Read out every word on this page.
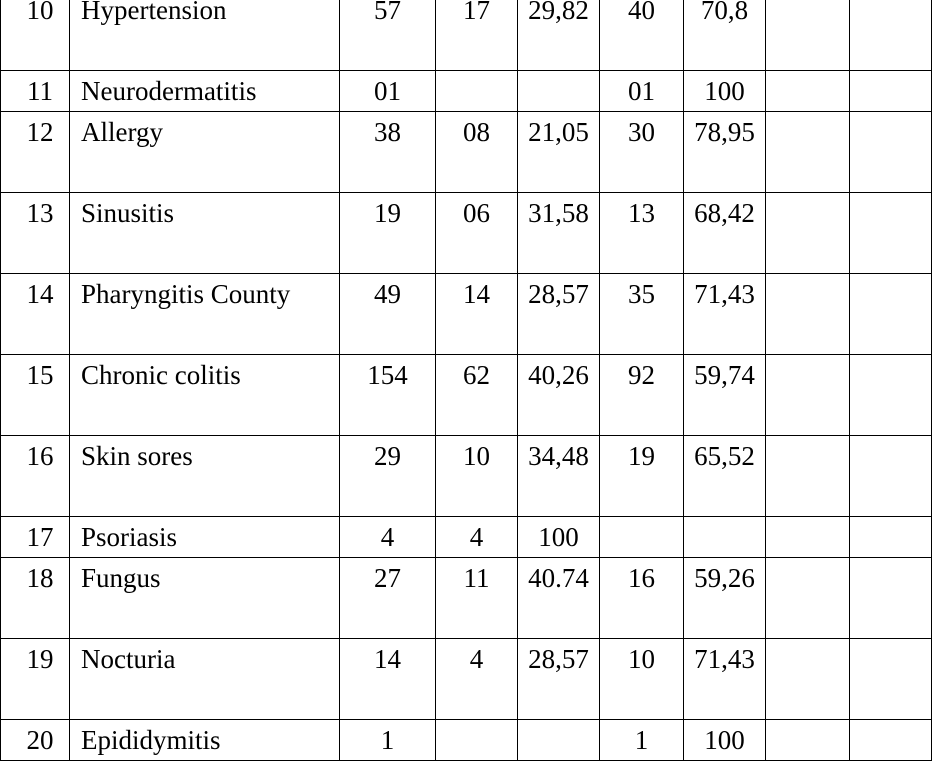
10	Hypertension	57	17	29,82	40	70,8		
11	Neurodermatitis	01			01	100		
12	Allergy	38	08	21,05	30	78,95		
13	Sinusitis	19	06	31,58	13	68,42		
14	Pharyngitis County	49	14	28,57	35	71,43		
15	Chronic colitis	154	62	40,26	92	59,74		
16	Skin sores	29	10	34,48	19	65,52		
17	Psoriasis	4	4	100				
18	Fungus	27	11	40.74	16	59,26		
19	Nocturia	14	4	28,57	10	71,43		
20	Epididymitis	1			1	100		
